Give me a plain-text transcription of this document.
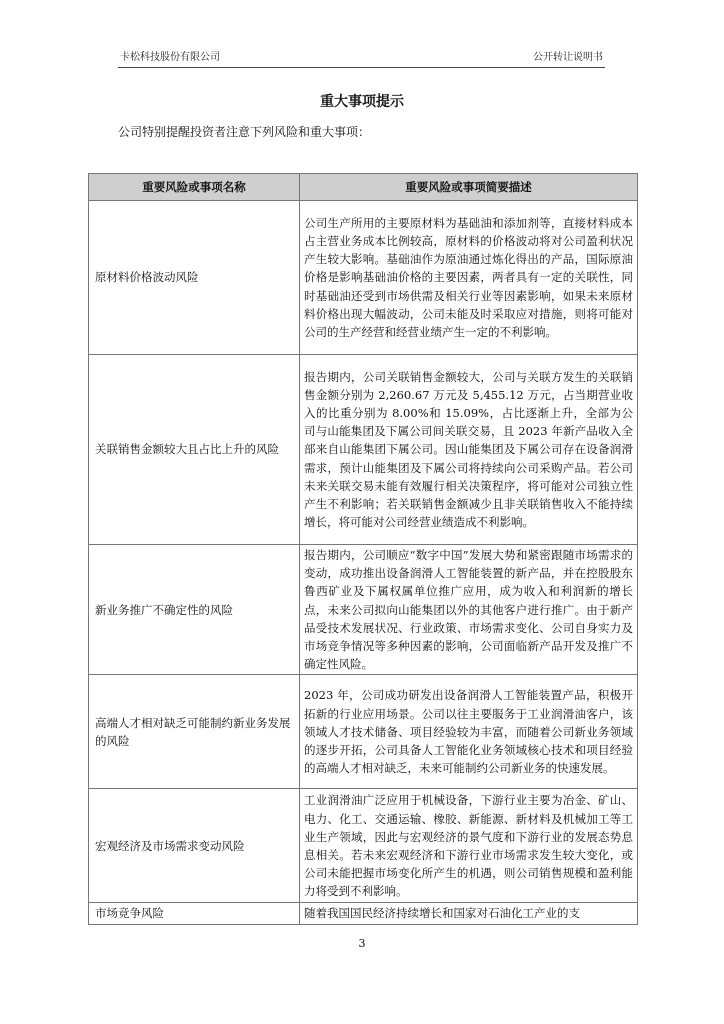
卡松科技股份有限公司	公开转让说明书
重大事项提示
公司特别提醒投资者注意下列风险和重大事项：
重要风险或事项名称	重要风险或事项简要描述
原材料价格波动风险	公司生产所用的主要原材料为基础油和添加剂等，直接材料成本占主营业务成本比例较高，原材料的价格波动将对公司盈利状况产生较大影响。基础油作为原油通过炼化得出的产品，国际原油价格是影响基础油价格的主要因素，两者具有一定的关联性，同时基础油还受到市场供需及相关行业等因素影响，如果未来原材料价格出现大幅波动，公司未能及时采取应对措施，则将可能对公司的生产经营和经营业绩产生一定的不利影响。
关联销售金额较大且占比上升的风险	报告期内，公司关联销售金额较大，公司与关联方发生的关联销售金额分别为 2,260.67 万元及 5,455.12 万元，占当期营业收入的比重分别为 8.00%和 15.09%，占比逐渐上升，全部为公司与山能集团及下属公司间关联交易，且 2023 年新产品收入全部来自山能集团下属公司。因山能集团及下属公司存在设备润滑需求，预计山能集团及下属公司将持续向公司采购产品。若公司未来关联交易未能有效履行相关决策程序，将可能对公司独立性产生不利影响；若关联销售金额减少且非关联销售收入不能持续增长，将可能对公司经营业绩造成不利影响。
新业务推广不确定性的风险	报告期内，公司顺应“数字中国”发展大势和紧密跟随市场需求的变动，成功推出设备润滑人工智能装置的新产品，并在控股股东鲁西矿业及下属权属单位推广应用，成为收入和利润新的增长点，未来公司拟向山能集团以外的其他客户进行推广。由于新产品受技术发展状况、行业政策、市场需求变化、公司自身实力及市场竞争情况等多种因素的影响，公司面临新产品开发及推广不确定性风险。
高端人才相对缺乏可能制约新业务发展的风险	2023 年，公司成功研发出设备润滑人工智能装置产品，积极开拓新的行业应用场景。公司以往主要服务于工业润滑油客户，该领域人才技术储备、项目经验较为丰富，而随着公司新业务领域的逐步开拓，公司具备人工智能化业务领域核心技术和项目经验的高端人才相对缺乏，未来可能制约公司新业务的快速发展。
宏观经济及市场需求变动风险	工业润滑油广泛应用于机械设备，下游行业主要为冶金、矿山、电力、化工、交通运输、橡胶、新能源、新材料及机械加工等工业生产领域，因此与宏观经济的景气度和下游行业的发展态势息息相关。若未来宏观经济和下游行业市场需求发生较大变化，或公司未能把握市场变化所产生的机遇，则公司销售规模和盈利能力将受到不利影响。
市场竞争风险	随着我国国民经济持续增长和国家对石油化工产业的支
3
